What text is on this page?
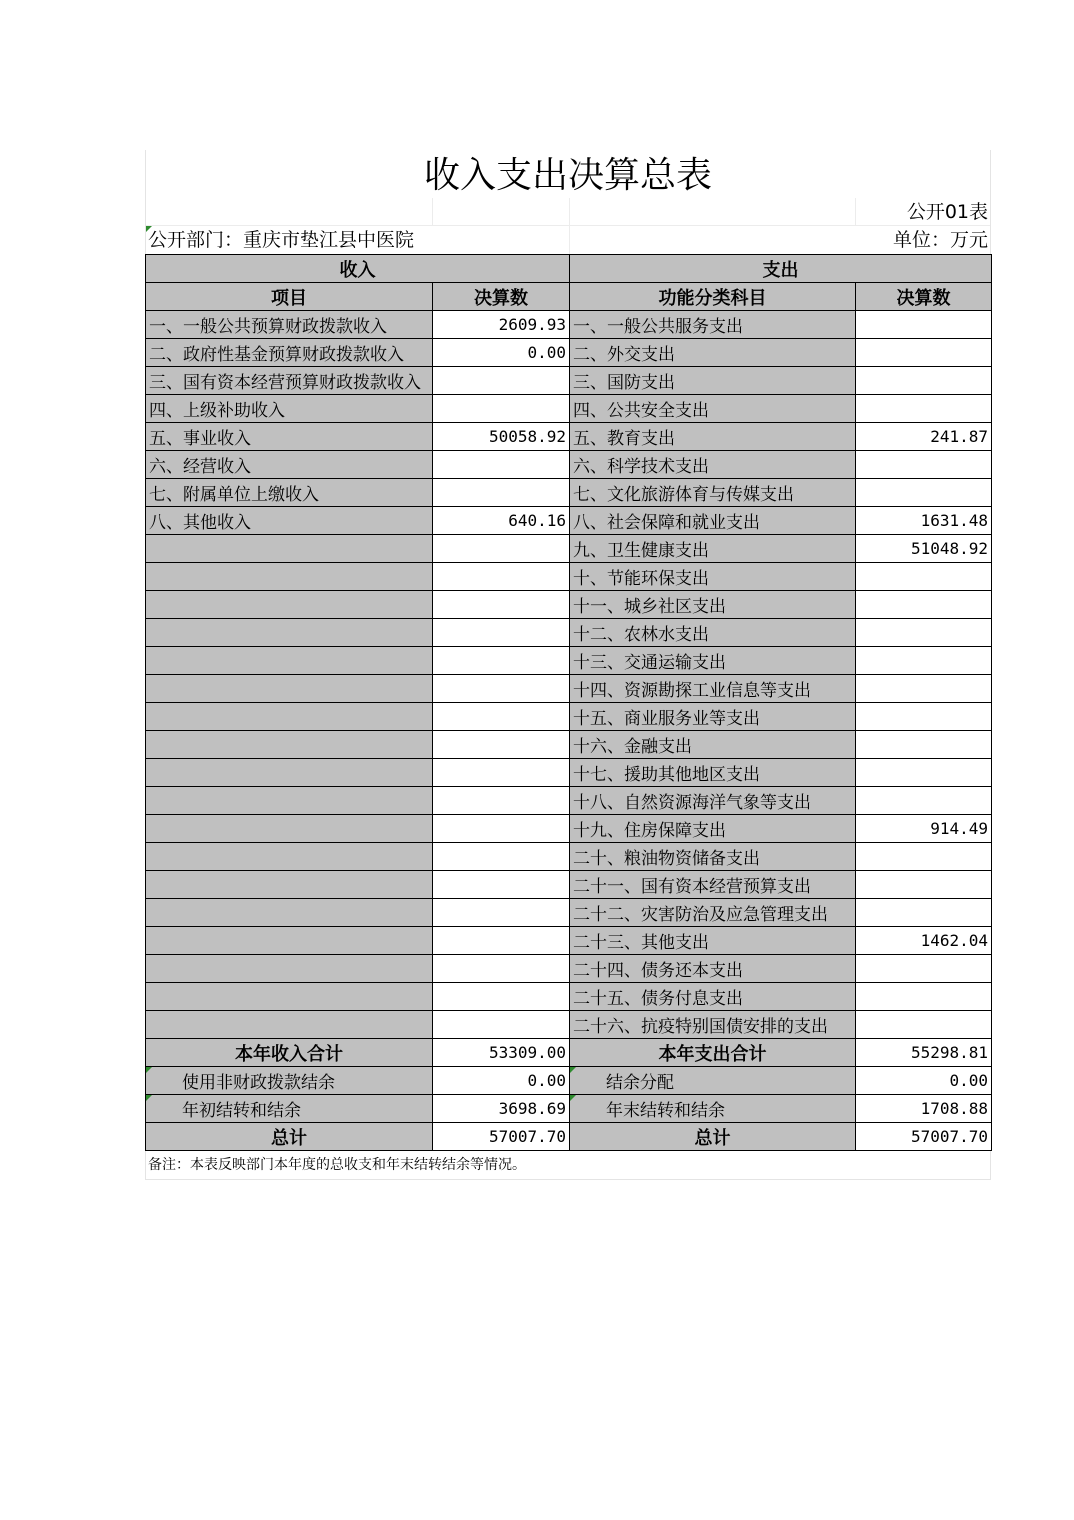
收入支出决算总表
公开01表
公开部门：重庆市垫江县中医院	单位：万元
收入		支出	
项目	决算数	功能分类科目	决算数
一、一般公共预算财政拨款收入	2609.93	一、一般公共服务支出	
二、政府性基金预算财政拨款收入	0.00	二、外交支出	
三、国有资本经营预算财政拨款收入		三、国防支出	
四、上级补助收入		四、公共安全支出	
五、事业收入	50058.92	五、教育支出	241.87
六、经营收入		六、科学技术支出	
七、附属单位上缴收入		七、文化旅游体育与传媒支出	
八、其他收入	640.16	八、社会保障和就业支出	1631.48
		九、卫生健康支出	51048.92
		十、节能环保支出	
		十一、城乡社区支出	
		十二、农林水支出	
		十三、交通运输支出	
		十四、资源勘探工业信息等支出	
		十五、商业服务业等支出	

		十六、金融支出	
		十七、援助其他地区支出	
		十八、自然资源海洋气象等支出	
		十九、住房保障支出	914.49
		二十、粮油物资储备支出	
		二十一、国有资本经营预算支出	
		二十二、灾害防治及应急管理支出	
		二十三、其他支出	1462.04
		二十四、债务还本支出	
		二十五、债务付息支出	
		二十六、抗疫特别国债安排的支出	
本年收入合计	53309.00	本年支出合计	55298.81

使用非财政拨款结余	0.00	结余分配	0.00

年初结转和结余	3698.69	年末结转和结余	1708.88
总计	57007.70	总计	57007.70
备注：本表反映部门本年度的总收支和年末结转结余等情况。
